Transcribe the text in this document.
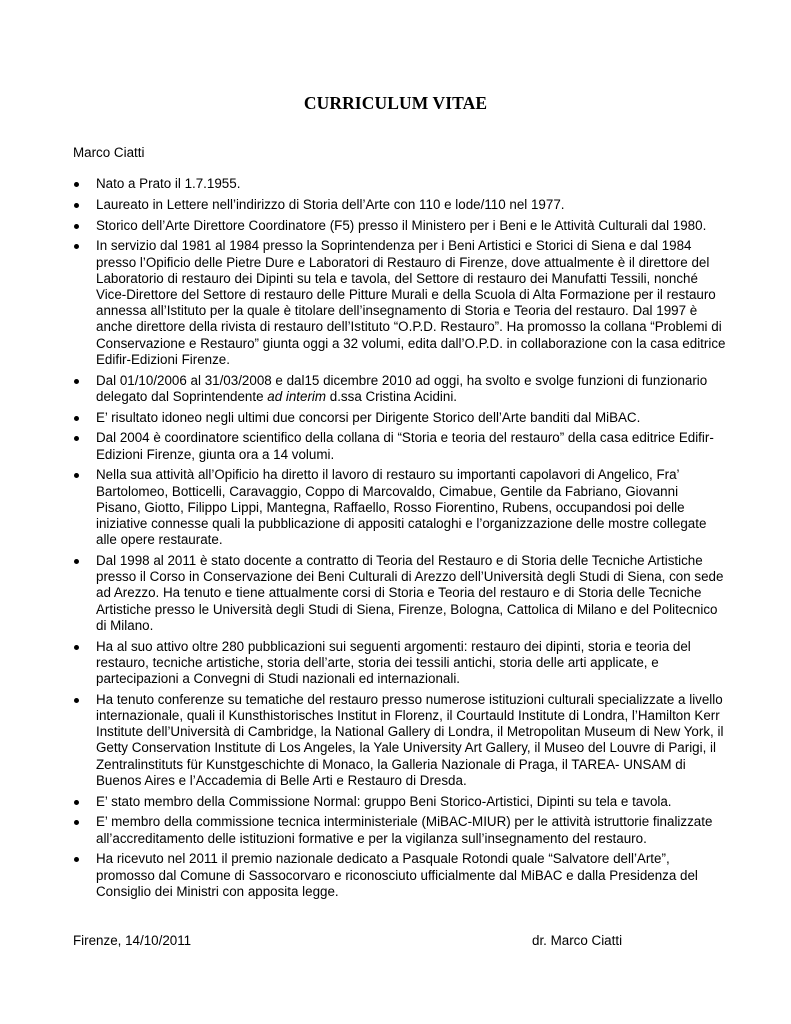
CURRICULUM VITAE
Marco Ciatti
Nato a Prato il 1.7.1955.
Laureato in Lettere nell’indirizzo di Storia dell’Arte con 110 e lode/110 nel 1977.
Storico dell’Arte Direttore Coordinatore (F5) presso il Ministero per i Beni e le Attività Culturali dal 1980.
In servizio dal 1981 al 1984 presso la Soprintendenza per i Beni Artistici e Storici di Siena e dal 1984 presso l’Opificio delle Pietre Dure e Laboratori di Restauro di Firenze, dove attualmente è il direttore del Laboratorio di restauro dei Dipinti su tela e tavola, del Settore di restauro dei Manufatti Tessili, nonché Vice-Direttore del Settore di restauro delle Pitture Murali e della Scuola di Alta Formazione per il restauro annessa all’Istituto per la quale è titolare dell’insegnamento di Storia e Teoria del restauro. Dal 1997 è anche direttore della rivista di restauro dell’Istituto “O.P.D. Restauro”. Ha promosso la collana “Problemi di Conservazione e Restauro” giunta oggi a 32 volumi, edita dall’O.P.D. in collaborazione con la casa editrice Edifir-Edizioni Firenze.
Dal 01/10/2006 al 31/03/2008 e dal15 dicembre 2010 ad oggi, ha svolto e svolge funzioni di funzionario delegato dal Soprintendente ad interim d.ssa Cristina Acidini.
E’ risultato idoneo negli ultimi due concorsi per Dirigente Storico dell’Arte banditi dal MiBAC.
Dal 2004 è coordinatore scientifico della collana di “Storia e teoria del restauro” della casa editrice Edifir-Edizioni Firenze, giunta ora a 14 volumi.
Nella sua attività all’Opificio ha diretto il lavoro di restauro su importanti capolavori di Angelico, Fra’ Bartolomeo, Botticelli, Caravaggio, Coppo di Marcovaldo, Cimabue, Gentile da Fabriano, Giovanni Pisano, Giotto, Filippo Lippi, Mantegna, Raffaello, Rosso Fiorentino, Rubens, occupandosi poi delle iniziative connesse quali la pubblicazione di appositi cataloghi e l’organizzazione delle mostre collegate alle opere restaurate.
Dal 1998 al 2011 è stato docente a contratto di Teoria del Restauro e di Storia delle Tecniche Artistiche presso il Corso in Conservazione dei Beni Culturali di Arezzo dell’Università degli Studi di Siena, con sede ad Arezzo. Ha tenuto e tiene attualmente corsi di Storia e Teoria del restauro e di Storia delle Tecniche Artistiche presso le Università degli Studi di Siena, Firenze, Bologna, Cattolica di Milano e del Politecnico di Milano.
Ha al suo attivo oltre 280 pubblicazioni sui seguenti argomenti: restauro dei dipinti, storia e teoria del restauro, tecniche artistiche, storia dell’arte, storia dei tessili antichi, storia delle arti applicate, e partecipazioni a Convegni di Studi nazionali ed internazionali.
Ha tenuto conferenze su tematiche del restauro presso numerose istituzioni culturali specializzate a livello internazionale, quali il Kunsthistorisches Institut in Florenz, il Courtauld Institute di Londra, l’Hamilton Kerr Institute dell’Università di Cambridge, la National Gallery di Londra, il Metropolitan Museum di New York, il Getty Conservation Institute di Los Angeles, la Yale University Art Gallery, il Museo del Louvre di Parigi, il Zentralinstituts für Kunstgeschichte di Monaco, la Galleria Nazionale di Praga, il TAREA- UNSAM di Buenos Aires e l’Accademia di Belle Arti e Restauro di Dresda.
E’ stato membro della Commissione Normal: gruppo Beni Storico-Artistici, Dipinti su tela e tavola.
E’ membro della commissione tecnica interministeriale (MiBAC-MIUR) per le attività istruttorie finalizzate all’accreditamento delle istituzioni formative e per la vigilanza sull’insegnamento del restauro.
Ha ricevuto nel 2011 il premio nazionale dedicato a Pasquale Rotondi quale “Salvatore dell’Arte”, promosso dal Comune di Sassocorvaro e riconosciuto ufficialmente dal MiBAC e dalla Presidenza del Consiglio dei Ministri con apposita legge.
Firenze, 14/10/2011	dr. Marco Ciatti
